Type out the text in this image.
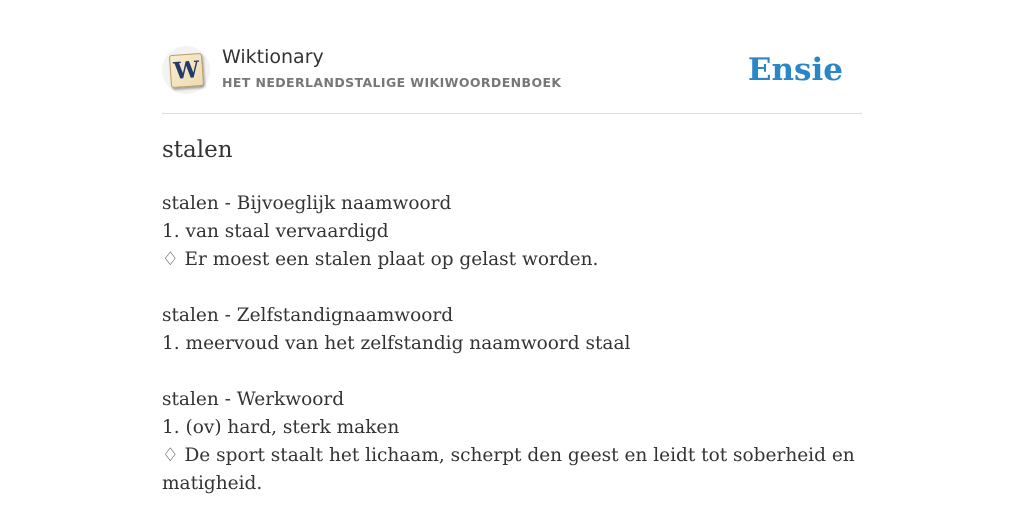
W Wiktionary
HET NEDERLANDSTALIGE WIKIWOORDENBOEK	Ensie
stalen
stalen - Bijvoeglijk naamwoord
1. van staal vervaardigd
♢ Er moest een stalen plaat op gelast worden.
stalen - Zelfstandignaamwoord
1. meervoud van het zelfstandig naamwoord staal
stalen - Werkwoord
1. (ov) hard, sterk maken
♢ De sport staalt het lichaam, scherpt den geest en leidt tot soberheid en matigheid.
